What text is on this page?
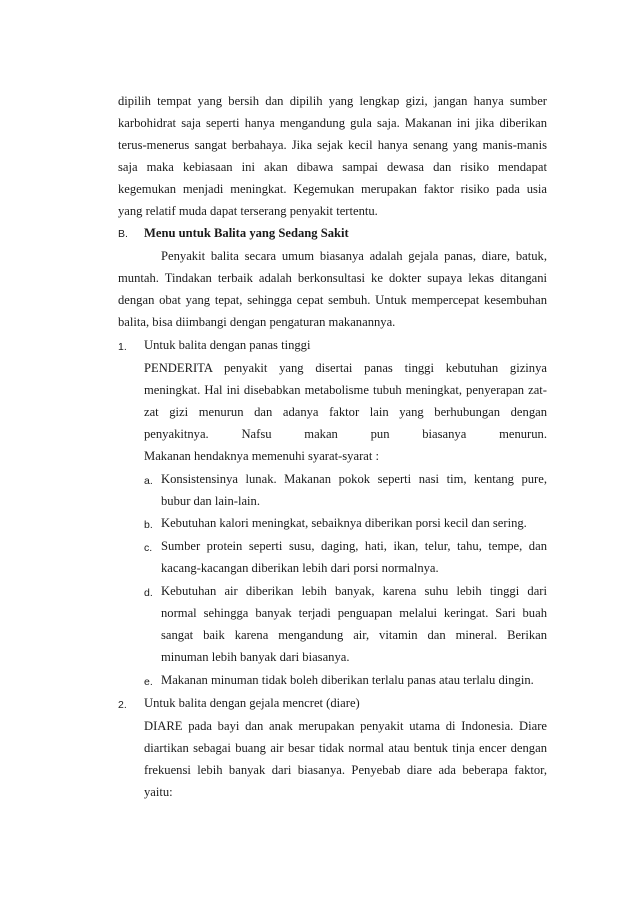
dipilih tempat yang bersih dan dipilih yang lengkap gizi, jangan hanya sumber
karbohidrat saja seperti hanya mengandung gula saja. Makanan ini jika diberikan
terus-menerus sangat berbahaya. Jika sejak kecil hanya senang yang manis-manis
saja maka kebiasaan ini akan dibawa sampai dewasa dan risiko mendapat
kegemukan menjadi meningkat. Kegemukan merupakan faktor risiko pada usia
yang relatif muda dapat terserang penyakit tertentu.
B. Menu untuk Balita yang Sedang Sakit
Penyakit balita secara umum biasanya adalah gejala panas, diare, batuk,
muntah. Tindakan terbaik adalah berkonsultasi ke dokter supaya lekas ditangani
dengan obat yang tepat, sehingga cepat sembuh. Untuk mempercepat kesembuhan
balita, bisa diimbangi dengan pengaturan makanannya.
1. Untuk balita dengan panas tinggi
PENDERITA penyakit yang disertai panas tinggi kebutuhan gizinya
meningkat. Hal ini disebabkan metabolisme tubuh meningkat, penyerapan zat-
zat gizi menurun dan adanya faktor lain yang berhubungan dengan
penyakitnya. Nafsu makan pun biasanya menurun.
Makanan hendaknya memenuhi syarat-syarat :
a. Konsistensinya lunak. Makanan pokok seperti nasi tim, kentang pure,
bubur dan lain-lain.
b. Kebutuhan kalori meningkat, sebaiknya diberikan porsi kecil dan sering.
c. Sumber protein seperti susu, daging, hati, ikan, telur, tahu, tempe, dan
kacang-kacangan diberikan lebih dari porsi normalnya.
d. Kebutuhan air diberikan lebih banyak, karena suhu lebih tinggi dari
normal sehingga banyak terjadi penguapan melalui keringat. Sari buah
sangat baik karena mengandung air, vitamin dan mineral. Berikan
minuman lebih banyak dari biasanya.
e. Makanan minuman tidak boleh diberikan terlalu panas atau terlalu dingin.
2. Untuk balita dengan gejala mencret (diare)
DIARE pada bayi dan anak merupakan penyakit utama di Indonesia. Diare
diartikan sebagai buang air besar tidak normal atau bentuk tinja encer dengan
frekuensi lebih banyak dari biasanya. Penyebab diare ada beberapa faktor,
yaitu:
